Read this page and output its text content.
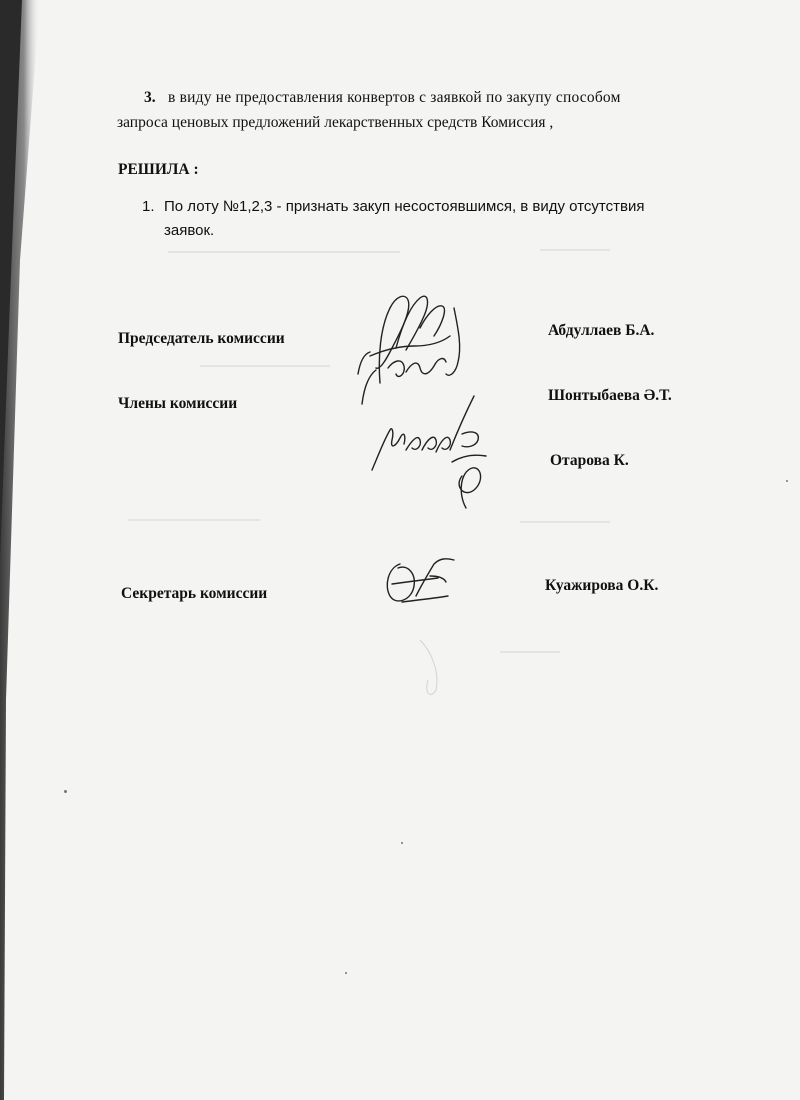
3. в виду не предоставления конвертов с заявкой по закупу способом
запроса ценовых предложений лекарственных средств Комиссия ,
РЕШИЛА :
1. По лоту №1,2,3 - признать закуп несостоявшимся, в виду отсутствия
заявок.
Председатель комиссии	Абдуллаев Б.А.
Члены комиссии	Шонтыбаева Ә.Т.
Отарова К.
Секретарь комиссии	Куажирова О.К.
